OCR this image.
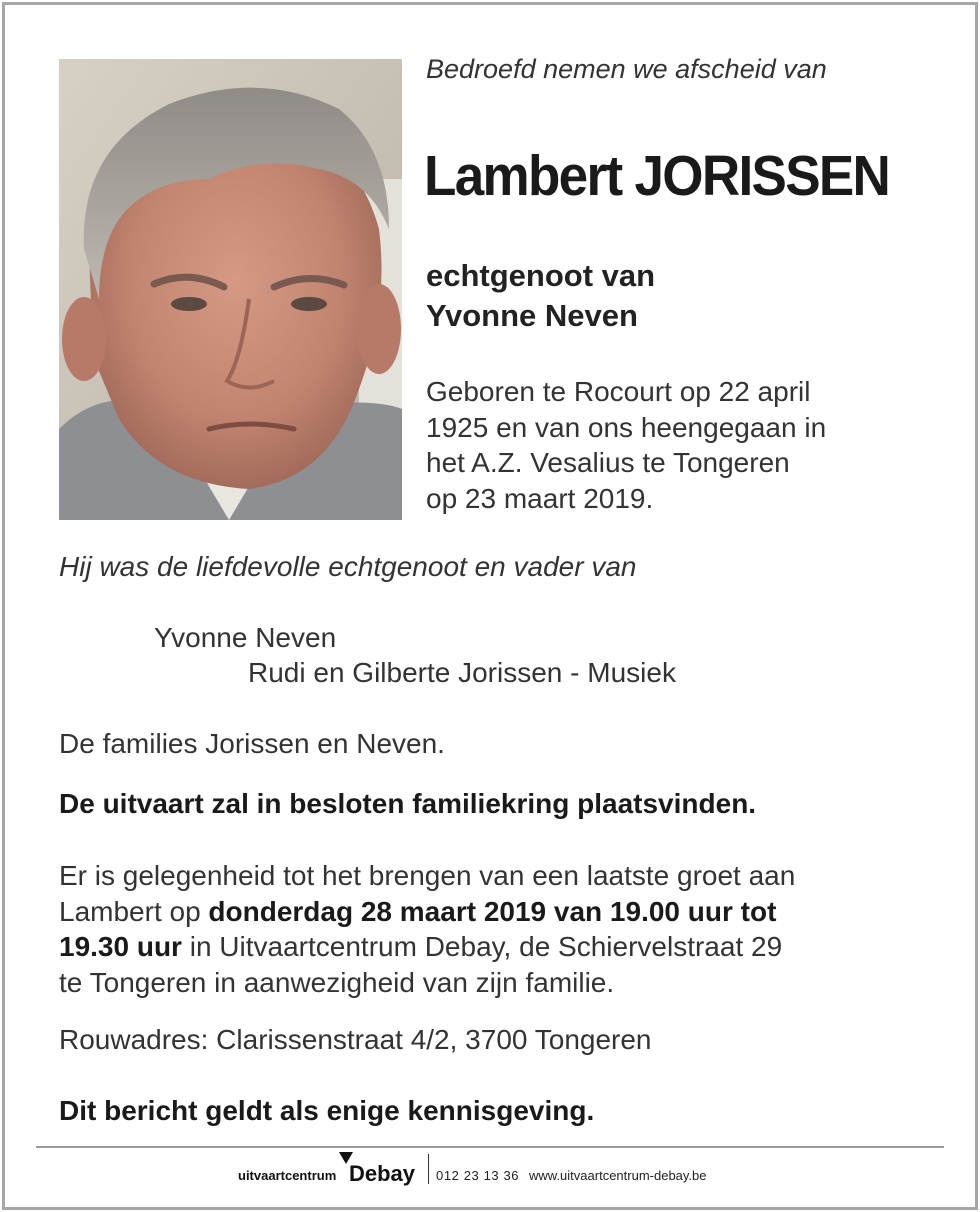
Bedroefd nemen we afscheid van
Lambert JORISSEN
echtgenoot van
Yvonne Neven
Geboren te Rocourt op 22 april
1925 en van ons heengegaan in
het A.Z. Vesalius te Tongeren
op 23 maart 2019.
Hij was de liefdevolle echtgenoot en vader van
Yvonne Neven
Rudi en Gilberte Jorissen - Musiek
De families Jorissen en Neven.
De uitvaart zal in besloten familiekring plaatsvinden.
Er is gelegenheid tot het brengen van een laatste groet aan
Lambert op donderdag 28 maart 2019 van 19.00 uur tot
19.30 uur in Uitvaartcentrum Debay, de Schiervelstraat 29
te Tongeren in aanwezigheid van zijn familie.
Rouwadres: Clarissenstraat 4/2, 3700 Tongeren
Dit bericht geldt als enige kennisgeving.
uitvaartcentrum Debay 012 23 13 36 www.uitvaartcentrum-debay.be
